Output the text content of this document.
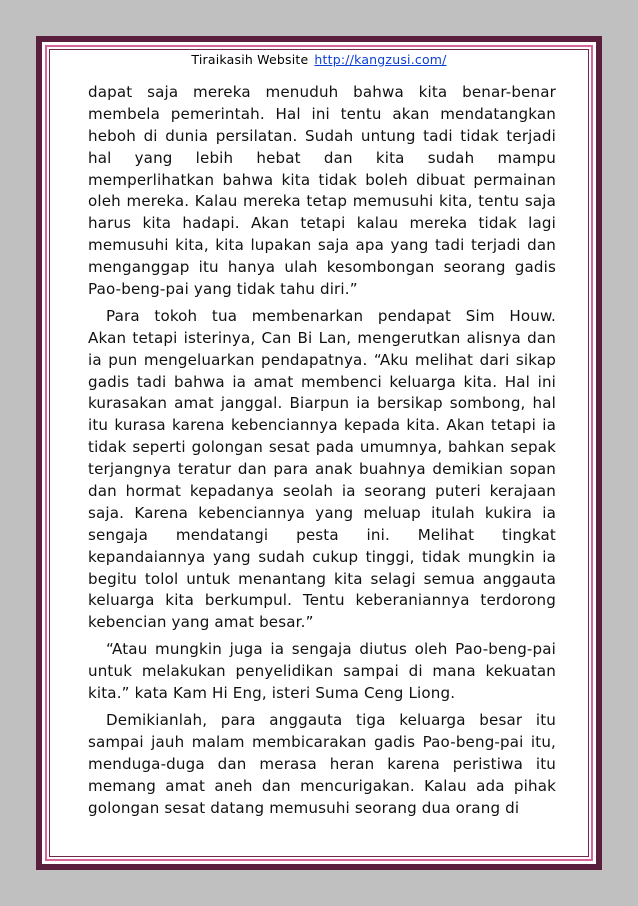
Tiraikasih Website http://kangzusi.com/
dapat saja mereka menuduh bahwa kita benar-benar
membela pemerintah. Hal ini tentu akan mendatangkan
heboh di dunia persilatan. Sudah untung tadi tidak terjadi
hal yang lebih hebat dan kita sudah mampu
memperlihatkan bahwa kita tidak boleh dibuat permainan
oleh mereka. Kalau mereka tetap memusuhi kita, tentu saja
harus kita hadapi. Akan tetapi kalau mereka tidak lagi
memusuhi kita, kita lupakan saja apa yang tadi terjadi dan
menganggap itu hanya ulah kesombongan seorang gadis
Pao-beng-pai yang tidak tahu diri.”
Para tokoh tua membenarkan pendapat Sim Houw.
Akan tetapi isterinya, Can Bi Lan, mengerutkan alisnya dan
ia pun mengeluarkan pendapatnya. “Aku melihat dari sikap
gadis tadi bahwa ia amat membenci keluarga kita. Hal ini
kurasakan amat janggal. Biarpun ia bersikap sombong, hal
itu kurasa karena kebenciannya kepada kita. Akan tetapi ia
tidak seperti golongan sesat pada umumnya, bahkan sepak
terjangnya teratur dan para anak buahnya demikian sopan
dan hormat kepadanya seolah ia seorang puteri kerajaan
saja. Karena kebenciannya yang meluap itulah kukira ia
sengaja mendatangi pesta ini. Melihat tingkat
kepandaiannya yang sudah cukup tinggi, tidak mungkin ia
begitu tolol untuk menantang kita selagi semua anggauta
keluarga kita berkumpul. Tentu keberaniannya terdorong
kebencian yang amat besar.”
“Atau mungkin juga ia sengaja diutus oleh Pao-beng-pai
untuk melakukan penyelidikan sampai di mana kekuatan
kita.” kata Kam Hi Eng, isteri Suma Ceng Liong.
Demikianlah, para anggauta tiga keluarga besar itu
sampai jauh malam membicarakan gadis Pao-beng-pai itu,
menduga-duga dan merasa heran karena peristiwa itu
memang amat aneh dan mencurigakan. Kalau ada pihak
golongan sesat datang memusuhi seorang dua orang di
